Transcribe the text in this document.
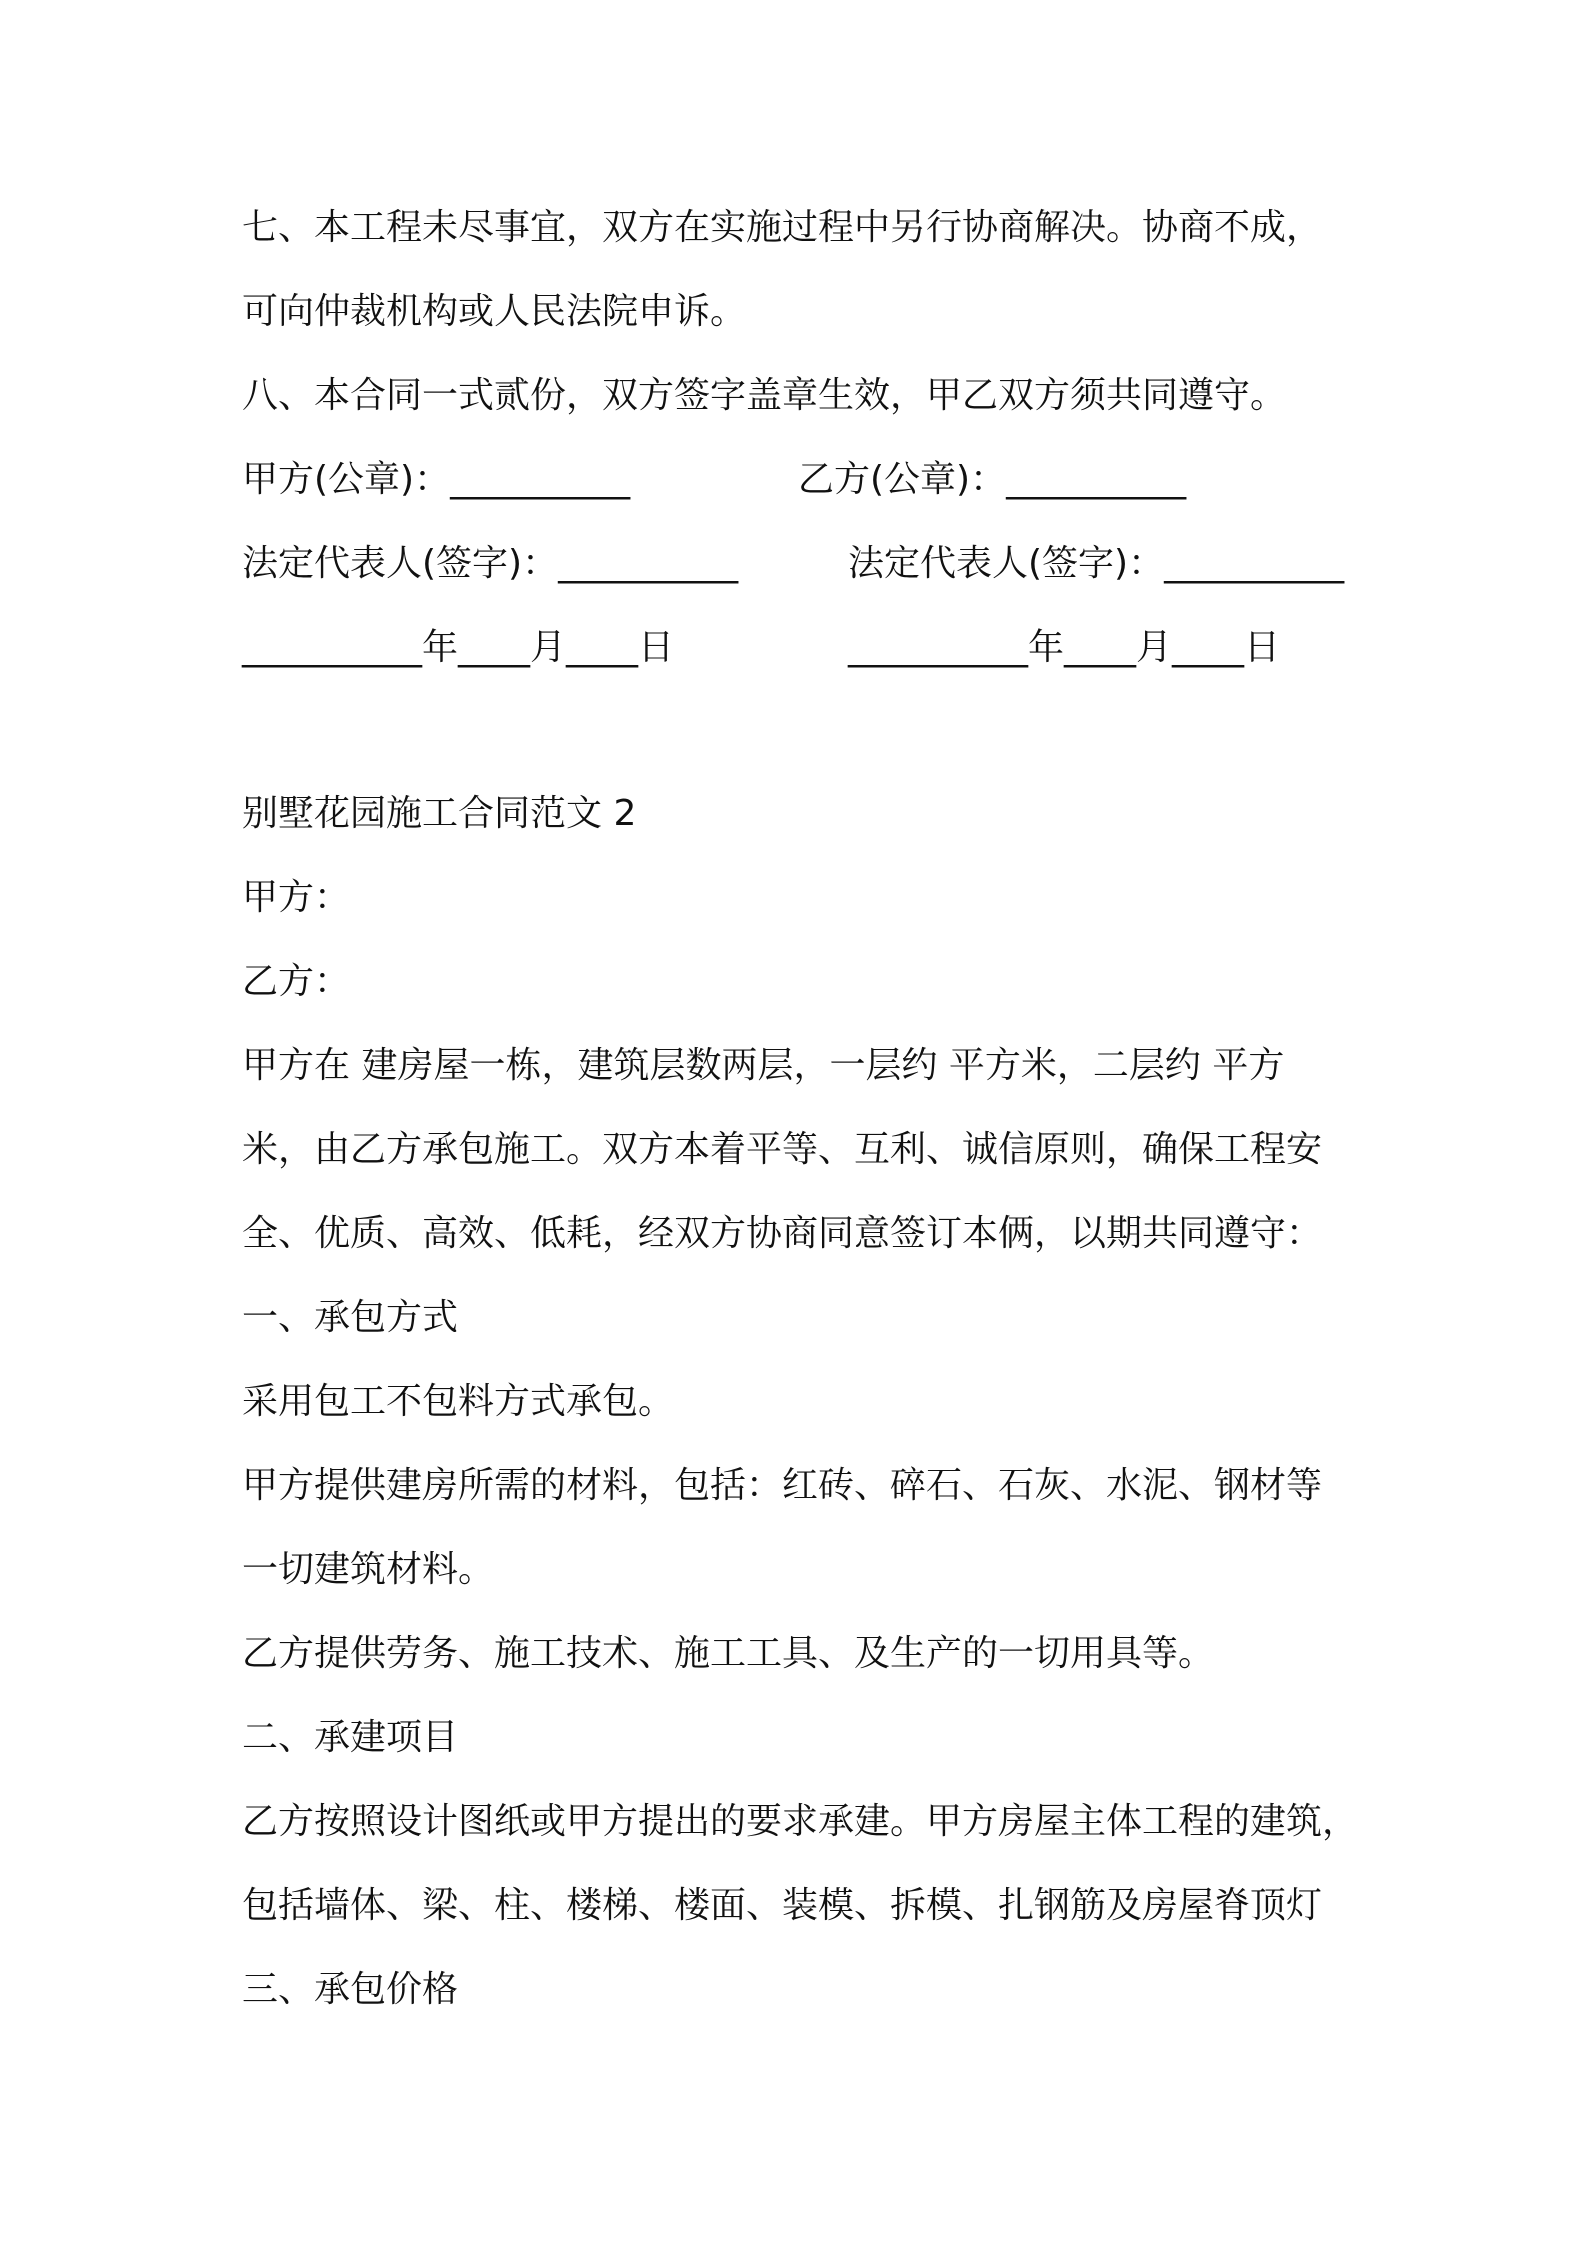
七、本工程未尽事宜，双方在实施过程中另行协商解决。协商不成，
可向仲裁机构或人民法院申诉。
八、本合同一式贰份，双方签字盖章生效，甲乙双方须共同遵守。
甲方(公章)：__________	乙方(公章)：__________
法定代表人(签字)：__________	法定代表人(签字)：__________
__________年____月____日	__________年____月____日
别墅花园施工合同范文 2
甲方：
乙方：
甲方在 建房屋一栋，建筑层数两层，一层约 平方米，二层约 平方
米，由乙方承包施工。双方本着平等、互利、诚信原则，确保工程安
全、优质、高效、低耗，经双方协商同意签订本俩，以期共同遵守：
一、承包方式
采用包工不包料方式承包。
甲方提供建房所需的材料，包括：红砖、碎石、石灰、水泥、钢材等
一切建筑材料。
乙方提供劳务、施工技术、施工工具、及生产的一切用具等。
二、承建项目
乙方按照设计图纸或甲方提出的要求承建。甲方房屋主体工程的建筑，
包括墙体、梁、柱、楼梯、楼面、装模、拆模、扎钢筋及房屋脊顶灯
三、承包价格
